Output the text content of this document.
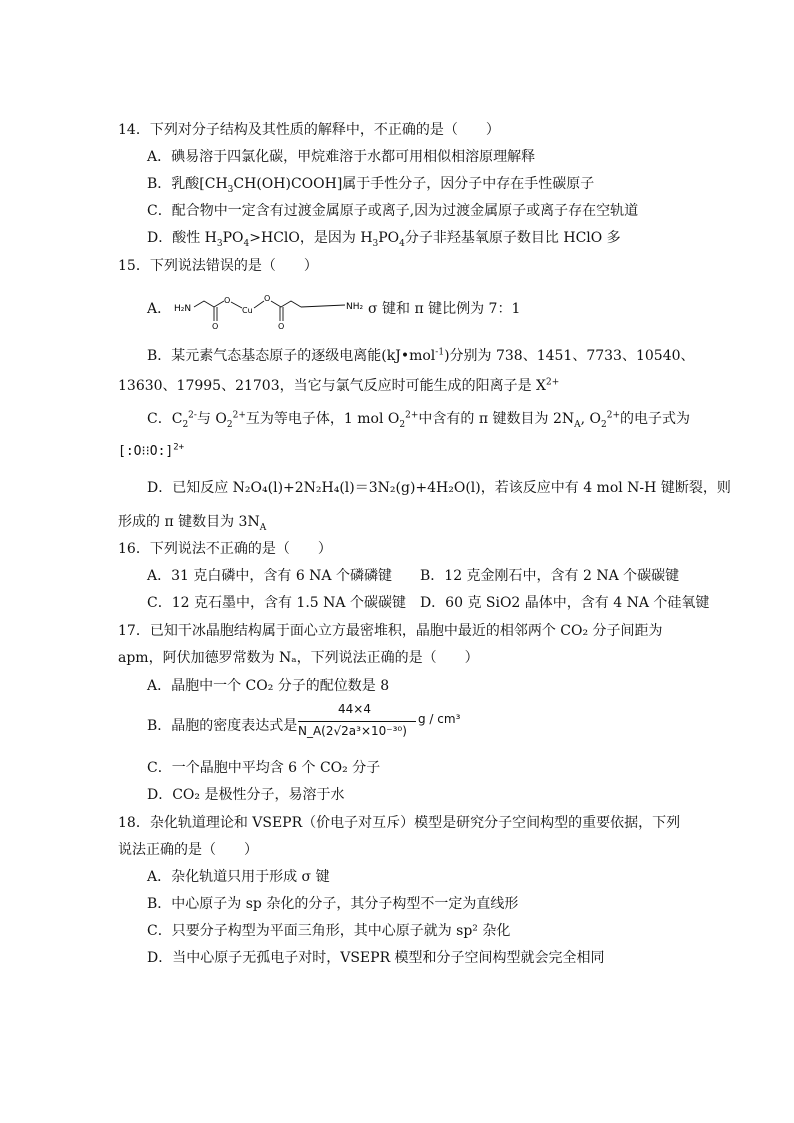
14．下列对分子结构及其性质的解释中，不正确的是（　　）
A．碘易溶于四氯化碳，甲烷难溶于水都可用相似相溶原理解释
B．乳酸$[CH_3CH(OH)COOH]$属于手性分子，因分子中存在手性碳原子
C．配合物中一定含有过渡金属原子或离子,因为过渡金属原子或离子存在空轨道
D．酸性 $H_3PO_4>HClO$，是因为 $H_3PO_4$分子非羟基氧原子数目比 HClO 多
15．下列说法错误的是（　　）
A． H₂N
O
O
Cu
O
O
NH₂ σ 键和 π 键比例为 7：1
B．某元素气态基态原子的逐级电离能(kJ•mol$^{-1}$)分别为 738、1451、7733、10540、
13630、17995、21703，当它与氯气反应时可能生成的阳离子是 $X^{2+}$
C．$C_2^{2-}$与 $O_2^{2+}$互为等电子体，1 mol $O_2^{2+}$中含有的 π 键数目为 $2N_A$, $O_2^{2+}$的电子式为
[:O⁝⁝O:]$^{2+}$
D．已知反应 N₂O₄(l)+2N₂H₄(l)＝3N₂(g)+4H₂O(l)，若该反应中有 4 mol N-H 键断裂，则
形成的 π 键数目为 $3N_A$
16．下列说法不正确的是（　　）
A．31 克白磷中，含有 6 NA 个磷磷键　　B．12 克金刚石中，含有 2 NA 个碳碳键
C．12 克石墨中，含有 1.5 NA 个碳碳键　D．60 克 SiO2 晶体中，含有 4 NA 个硅氧键
17．已知干冰晶胞结构属于面心立方最密堆积，晶胞中最近的相邻两个 CO₂ 分子间距为
apm，阿伏加德罗常数为 Nₐ，下列说法正确的是（　　）
A．晶胞中一个 CO₂ 分子的配位数是 8
B．晶胞的密度表达式是
44×4
N_A(2√2a³×10⁻³⁰)
g / cm³
C．一个晶胞中平均含 6 个 CO₂ 分子
D．CO₂ 是极性分子，易溶于水
18．杂化轨道理论和 VSEPR（价电子对互斥）模型是研究分子空间构型的重要依据，下列
说法正确的是（　　）
A．杂化轨道只用于形成 σ 键
B．中心原子为 sp 杂化的分子，其分子构型不一定为直线形
C．只要分子构型为平面三角形，其中心原子就为 sp² 杂化
D．当中心原子无孤电子对时，VSEPR 模型和分子空间构型就会完全相同
